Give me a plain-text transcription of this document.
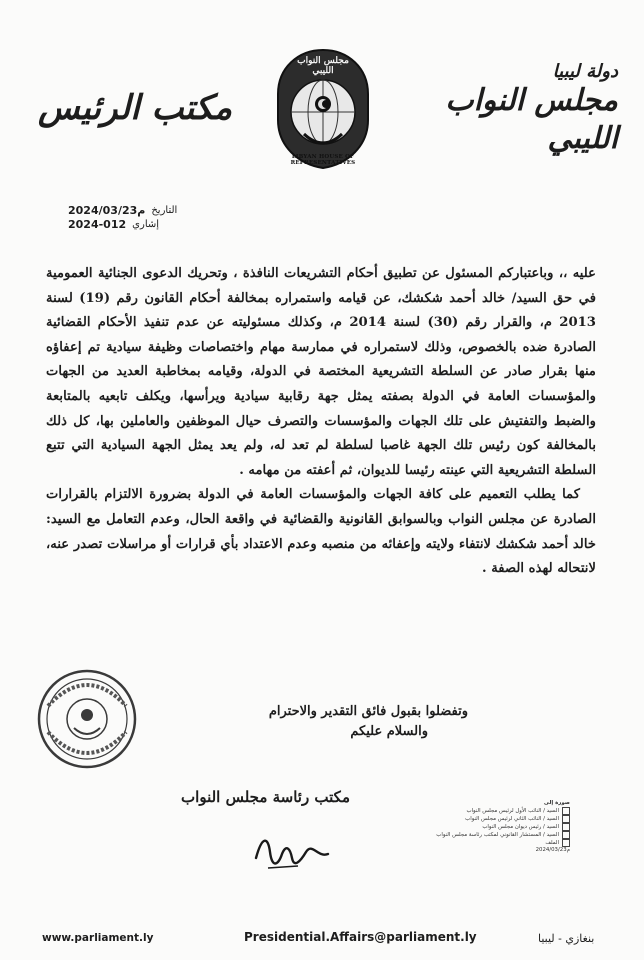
دولة ليبيا
مجلس النواب الليبي
مجلس النواب الليبي
LIBYAN HOUSE OF REPRESENTATIVES
مكتب الرئيس
2024/03/23م التاريخ
2024-012 إشاري

عليه ،، وباعتباركم المسئول عن تطبيق أحكام التشريعات النافذة ، وتحريك الدعوى الجنائية العمومية في حق السيد/ خالد أحمد شكشك، عن قيامه واستمراره بمخالفة أحكام القانون رقم (19) لسنة 2013 م، والقرار رقم (30) لسنة 2014 م، وكذلك مسئوليته عن عدم تنفيذ الأحكام القضائية الصادرة ضده بالخصوص، وذلك لاستمراره في ممارسة مهام واختصاصات وظيفة سيادية تم إعفاؤه منها بقرار صادر عن السلطة التشريعية المختصة في الدولة، وقيامه بمخاطبة العديد من الجهات والمؤسسات العامة في الدولة بصفته يمثل جهة رقابية سيادية ويرأسها، ويكلف تابعيه بالمتابعة والضبط والتفتيش على تلك الجهات والمؤسسات والتصرف حيال الموظفين والعاملين بها، كل ذلك بالمخالفة كون رئيس تلك الجهة غاصبا لسلطة لم تعد له، ولم يعد يمثل الجهة السيادية التي تتبع السلطة التشريعية التي عينته رئيسا للديوان، ثم أعفته من مهامه .

كما يطلب التعميم على كافة الجهات والمؤسسات العامة في الدولة بضرورة الالتزام بالقرارات الصادرة عن مجلس النواب وبالسوابق القانونية والقضائية في واقعة الحال، وعدم التعامل مع السيد: خالد أحمد شكشك لانتفاء ولايته وإعفائه من منصبه وعدم الاعتداد بأي قرارات أو مراسلات تصدر عنه، لانتحاله لهذه الصفة .

وتفضلوا بقبول فائق التقدير والاحترام
والسلام عليكم
مكتب رئاسة مجلس النواب	صورة إلى
السيد / النائب الأول لرئيس مجلس النواب
السيد / النائب الثاني لرئيس مجلس النواب
السيد / رئيس ديوان مجلس النواب
السيد / المستشار القانوني لمكتب رئاسة مجلس النواب
الملف
2024/03/23م
www.parliament.ly	Presidential.Affairs@parliament.ly	بنغازي - ليبيا
